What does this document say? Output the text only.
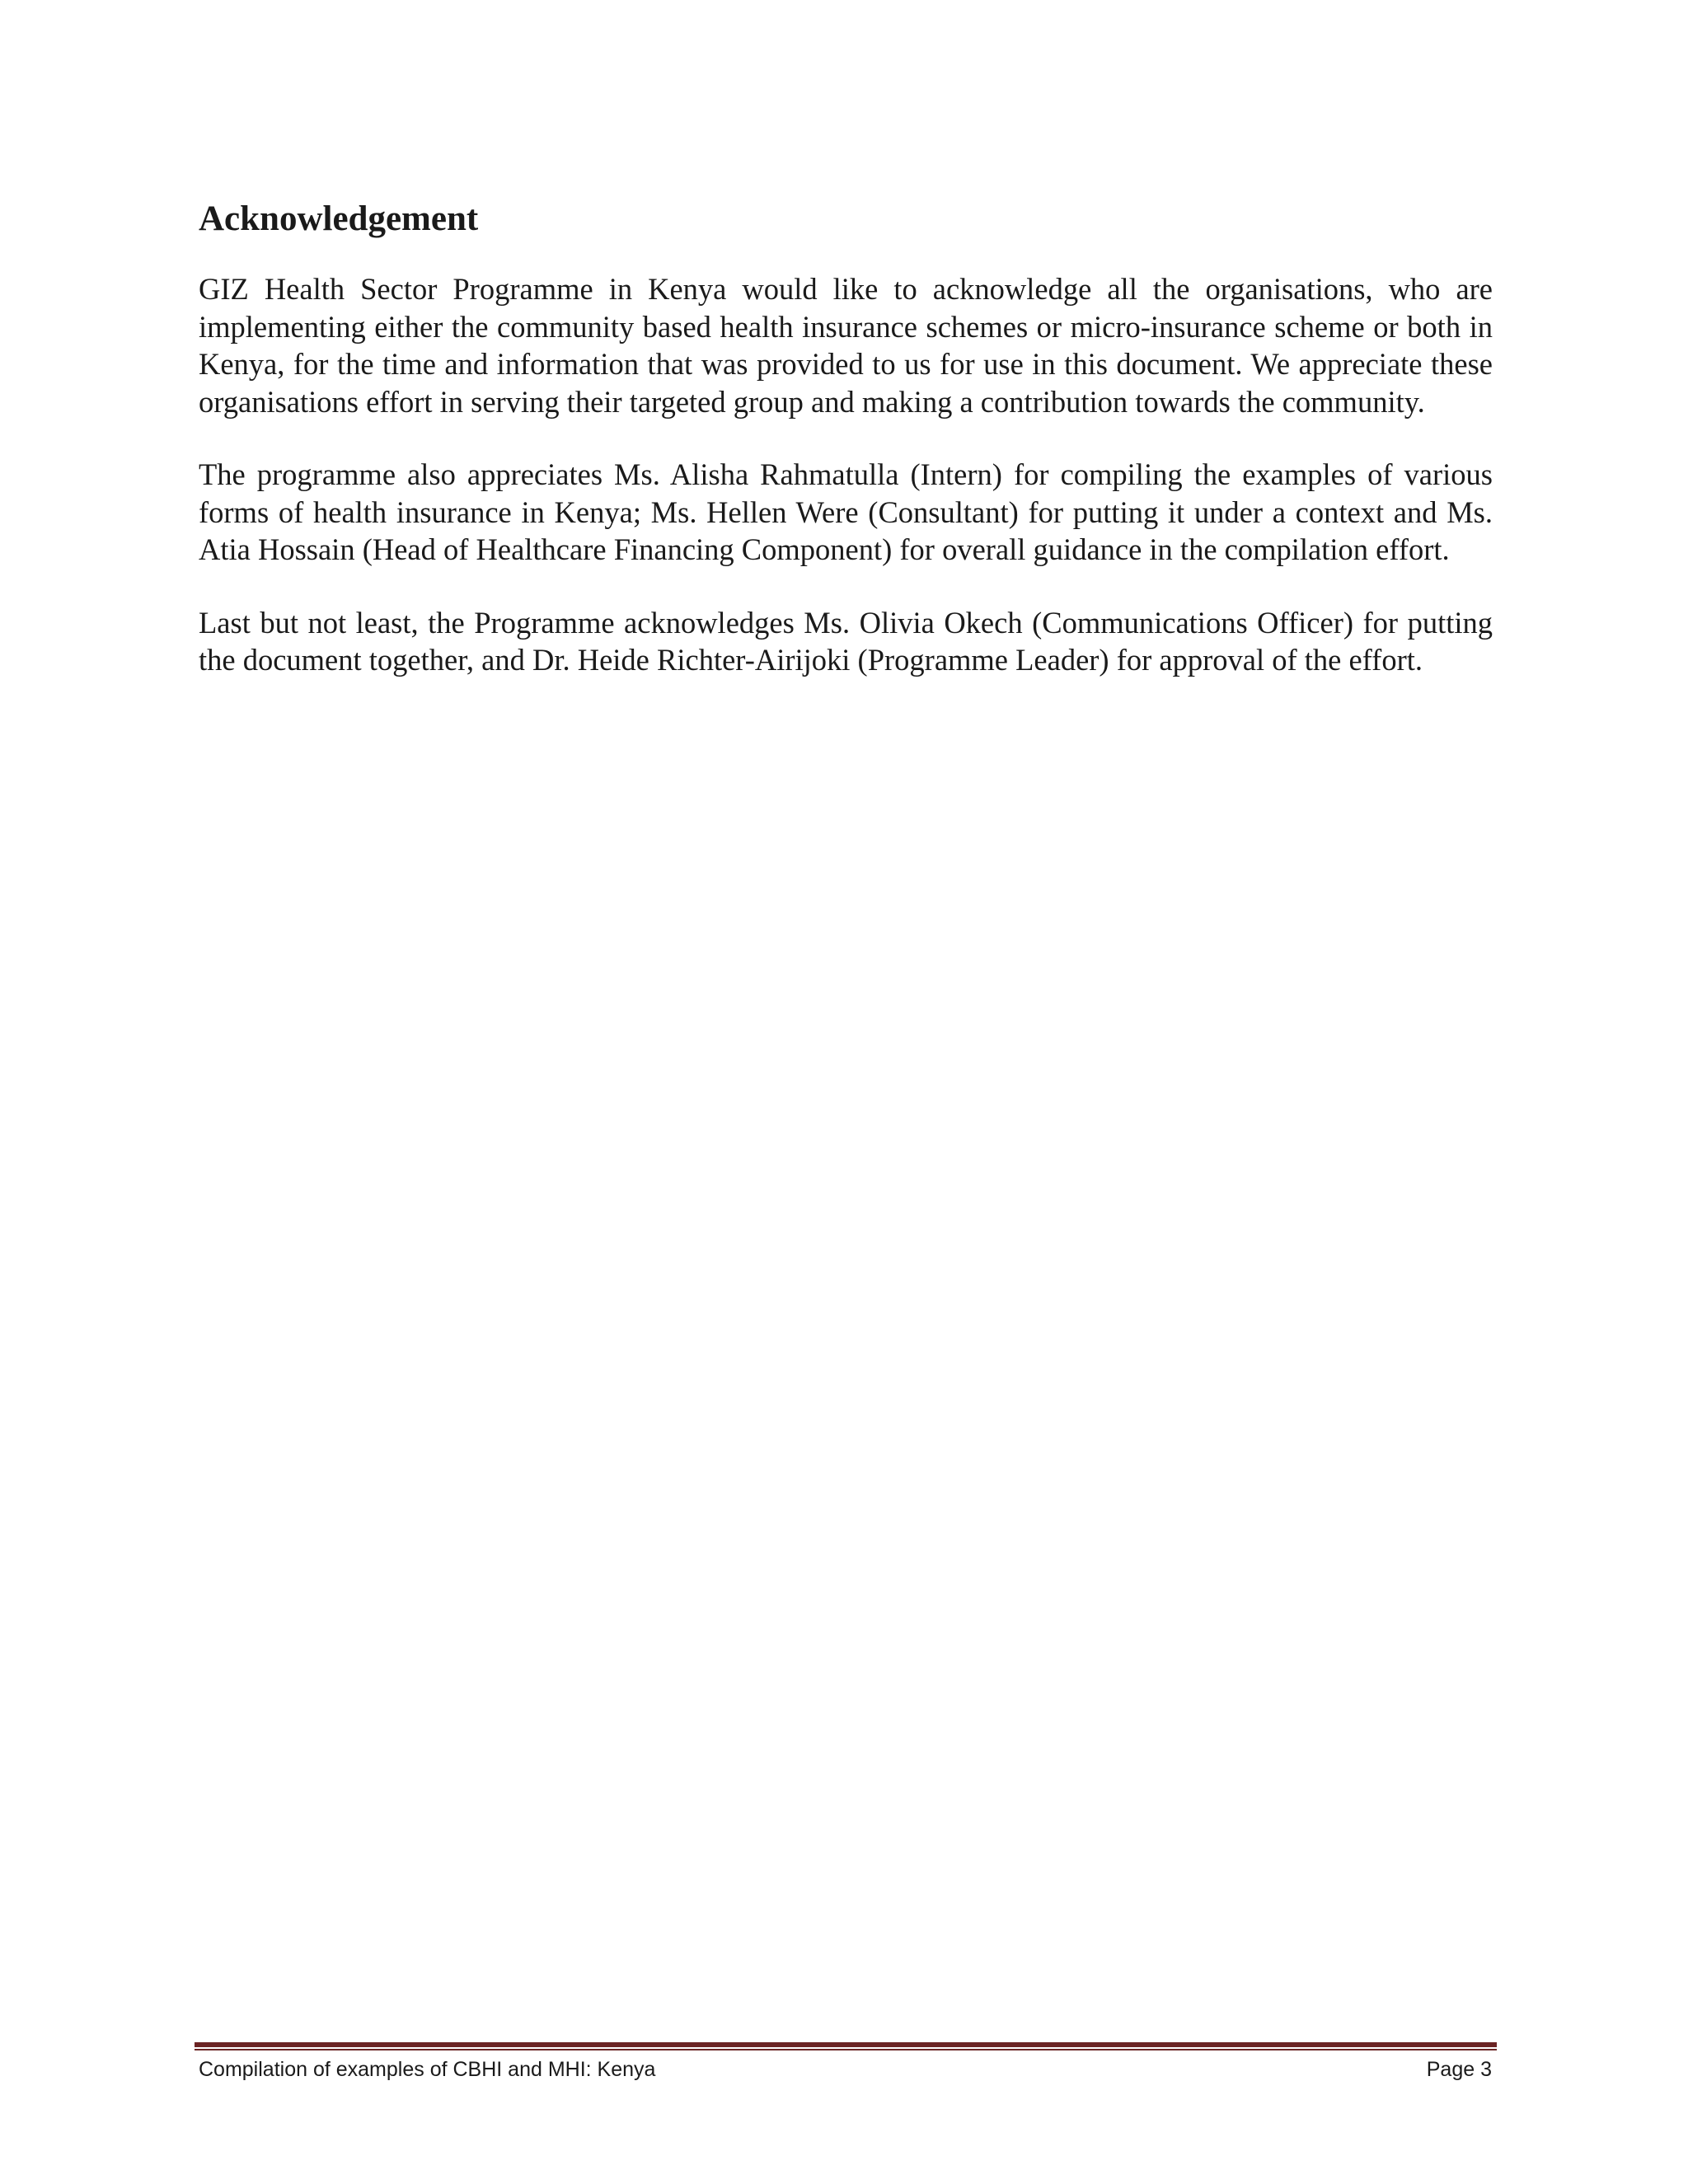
Acknowledgement

GIZ Health Sector Programme in Kenya would like to acknowledge all the organisations, who are implementing either the community based health insurance schemes or micro-insurance scheme or both in Kenya, for the time and information that was provided to us for use in this document. We appreciate these organisations effort in serving their targeted group and making a contribution towards the community.

The programme also appreciates Ms. Alisha Rahmatulla (Intern) for compiling the examples of various forms of health insurance in Kenya; Ms. Hellen Were (Consultant) for putting it under a context and Ms. Atia Hossain (Head of Healthcare Financing Component) for overall guidance in the compilation effort.

Last but not least, the Programme acknowledges Ms. Olivia Okech (Communications Officer) for putting the document together, and Dr. Heide Richter-Airijoki (Programme Leader) for approval of the effort.

Compilation of examples of CBHI and MHI: Kenya	Page 3
